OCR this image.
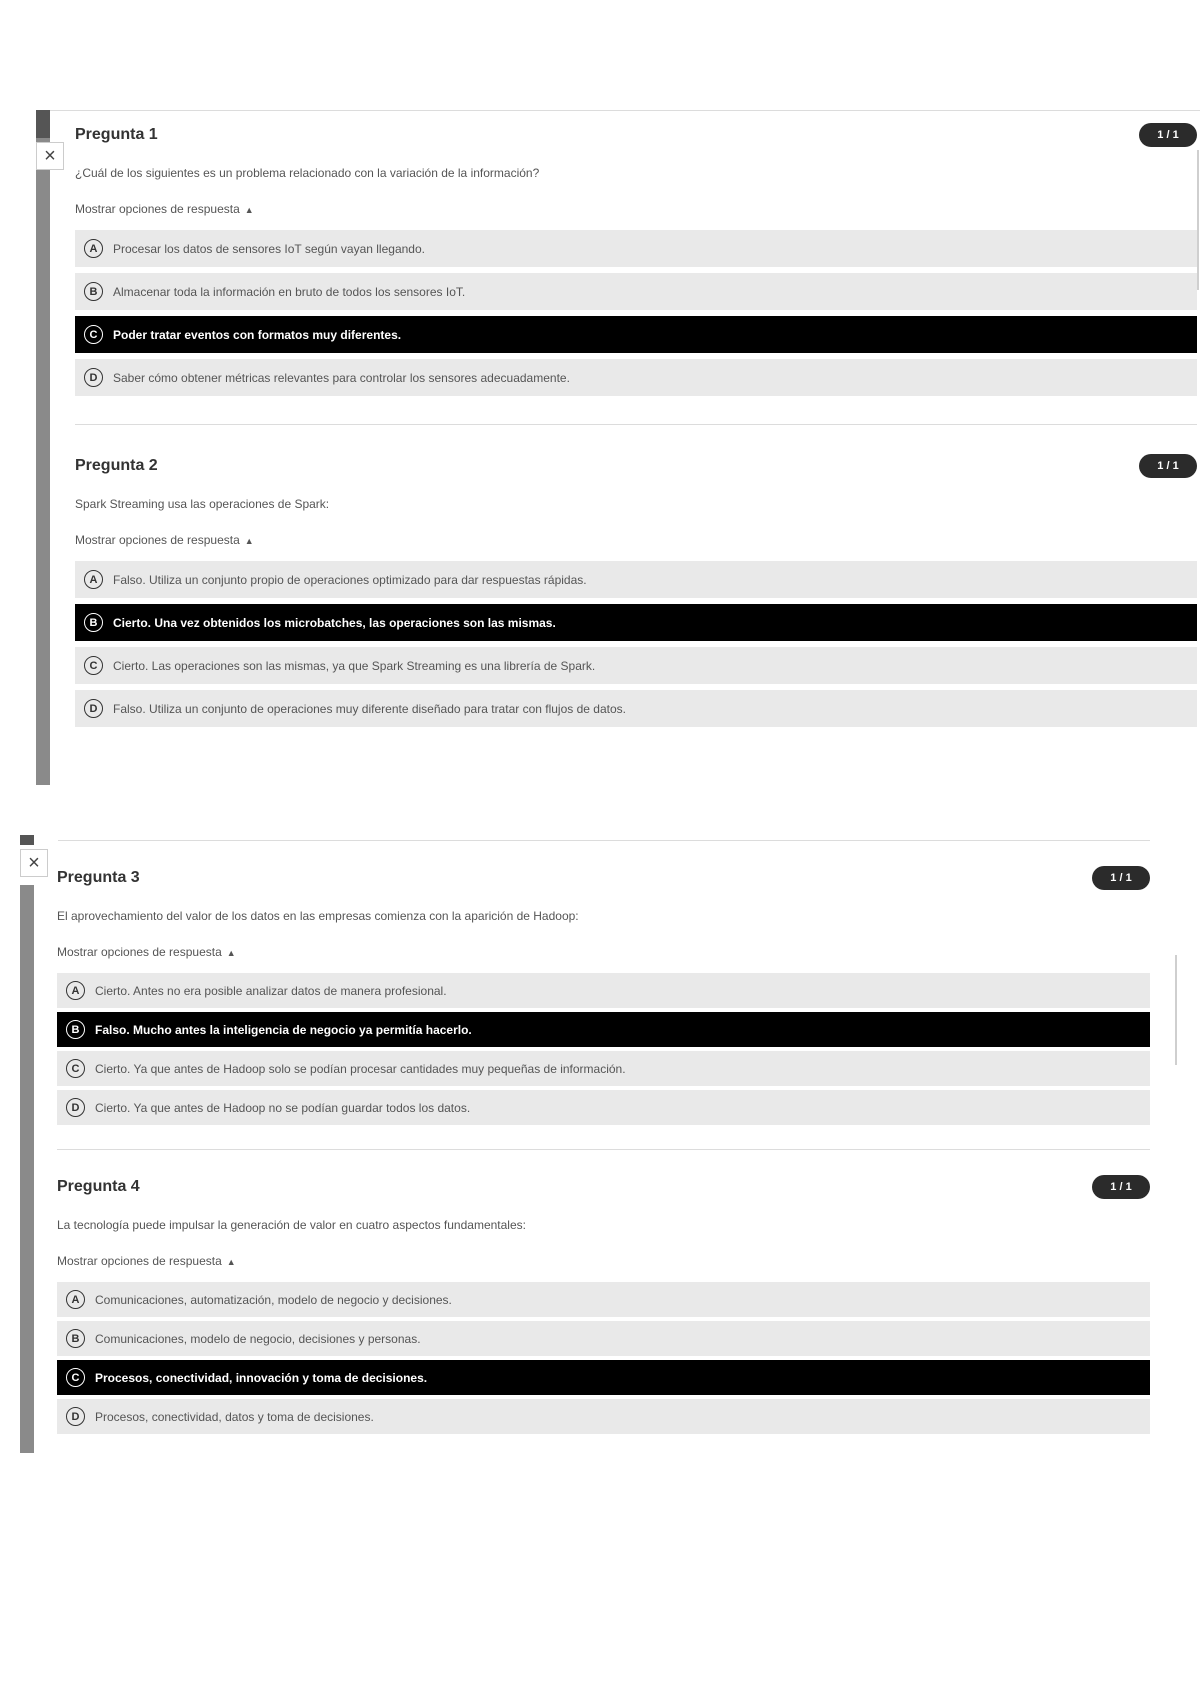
×
Pregunta 1	1 / 1
¿Cuál de los siguientes es un problema relacionado con la variación de la información?
Mostrar opciones de respuesta ▲
A	Procesar los datos de sensores IoT según vayan llegando.
B	Almacenar toda la información en bruto de todos los sensores IoT.
C	Poder tratar eventos con formatos muy diferentes.
D	Saber cómo obtener métricas relevantes para controlar los sensores adecuadamente.
Pregunta 2	1 / 1
Spark Streaming usa las operaciones de Spark:
Mostrar opciones de respuesta ▲
A	Falso. Utiliza un conjunto propio de operaciones optimizado para dar respuestas rápidas.
B	Cierto. Una vez obtenidos los microbatches, las operaciones son las mismas.
C	Cierto. Las operaciones son las mismas, ya que Spark Streaming es una librería de Spark.
D	Falso. Utiliza un conjunto de operaciones muy diferente diseñado para tratar con flujos de datos.
×
Pregunta 3	1 / 1
El aprovechamiento del valor de los datos en las empresas comienza con la aparición de Hadoop:
Mostrar opciones de respuesta ▲
A	Cierto. Antes no era posible analizar datos de manera profesional.
B	Falso. Mucho antes la inteligencia de negocio ya permitía hacerlo.
C	Cierto. Ya que antes de Hadoop solo se podían procesar cantidades muy pequeñas de información.
D	Cierto. Ya que antes de Hadoop no se podían guardar todos los datos.
Pregunta 4	1 / 1
La tecnología puede impulsar la generación de valor en cuatro aspectos fundamentales:
Mostrar opciones de respuesta ▲
A	Comunicaciones, automatización, modelo de negocio y decisiones.
B	Comunicaciones, modelo de negocio, decisiones y personas.
C	Procesos, conectividad, innovación y toma de decisiones.
D	Procesos, conectividad, datos y toma de decisiones.
